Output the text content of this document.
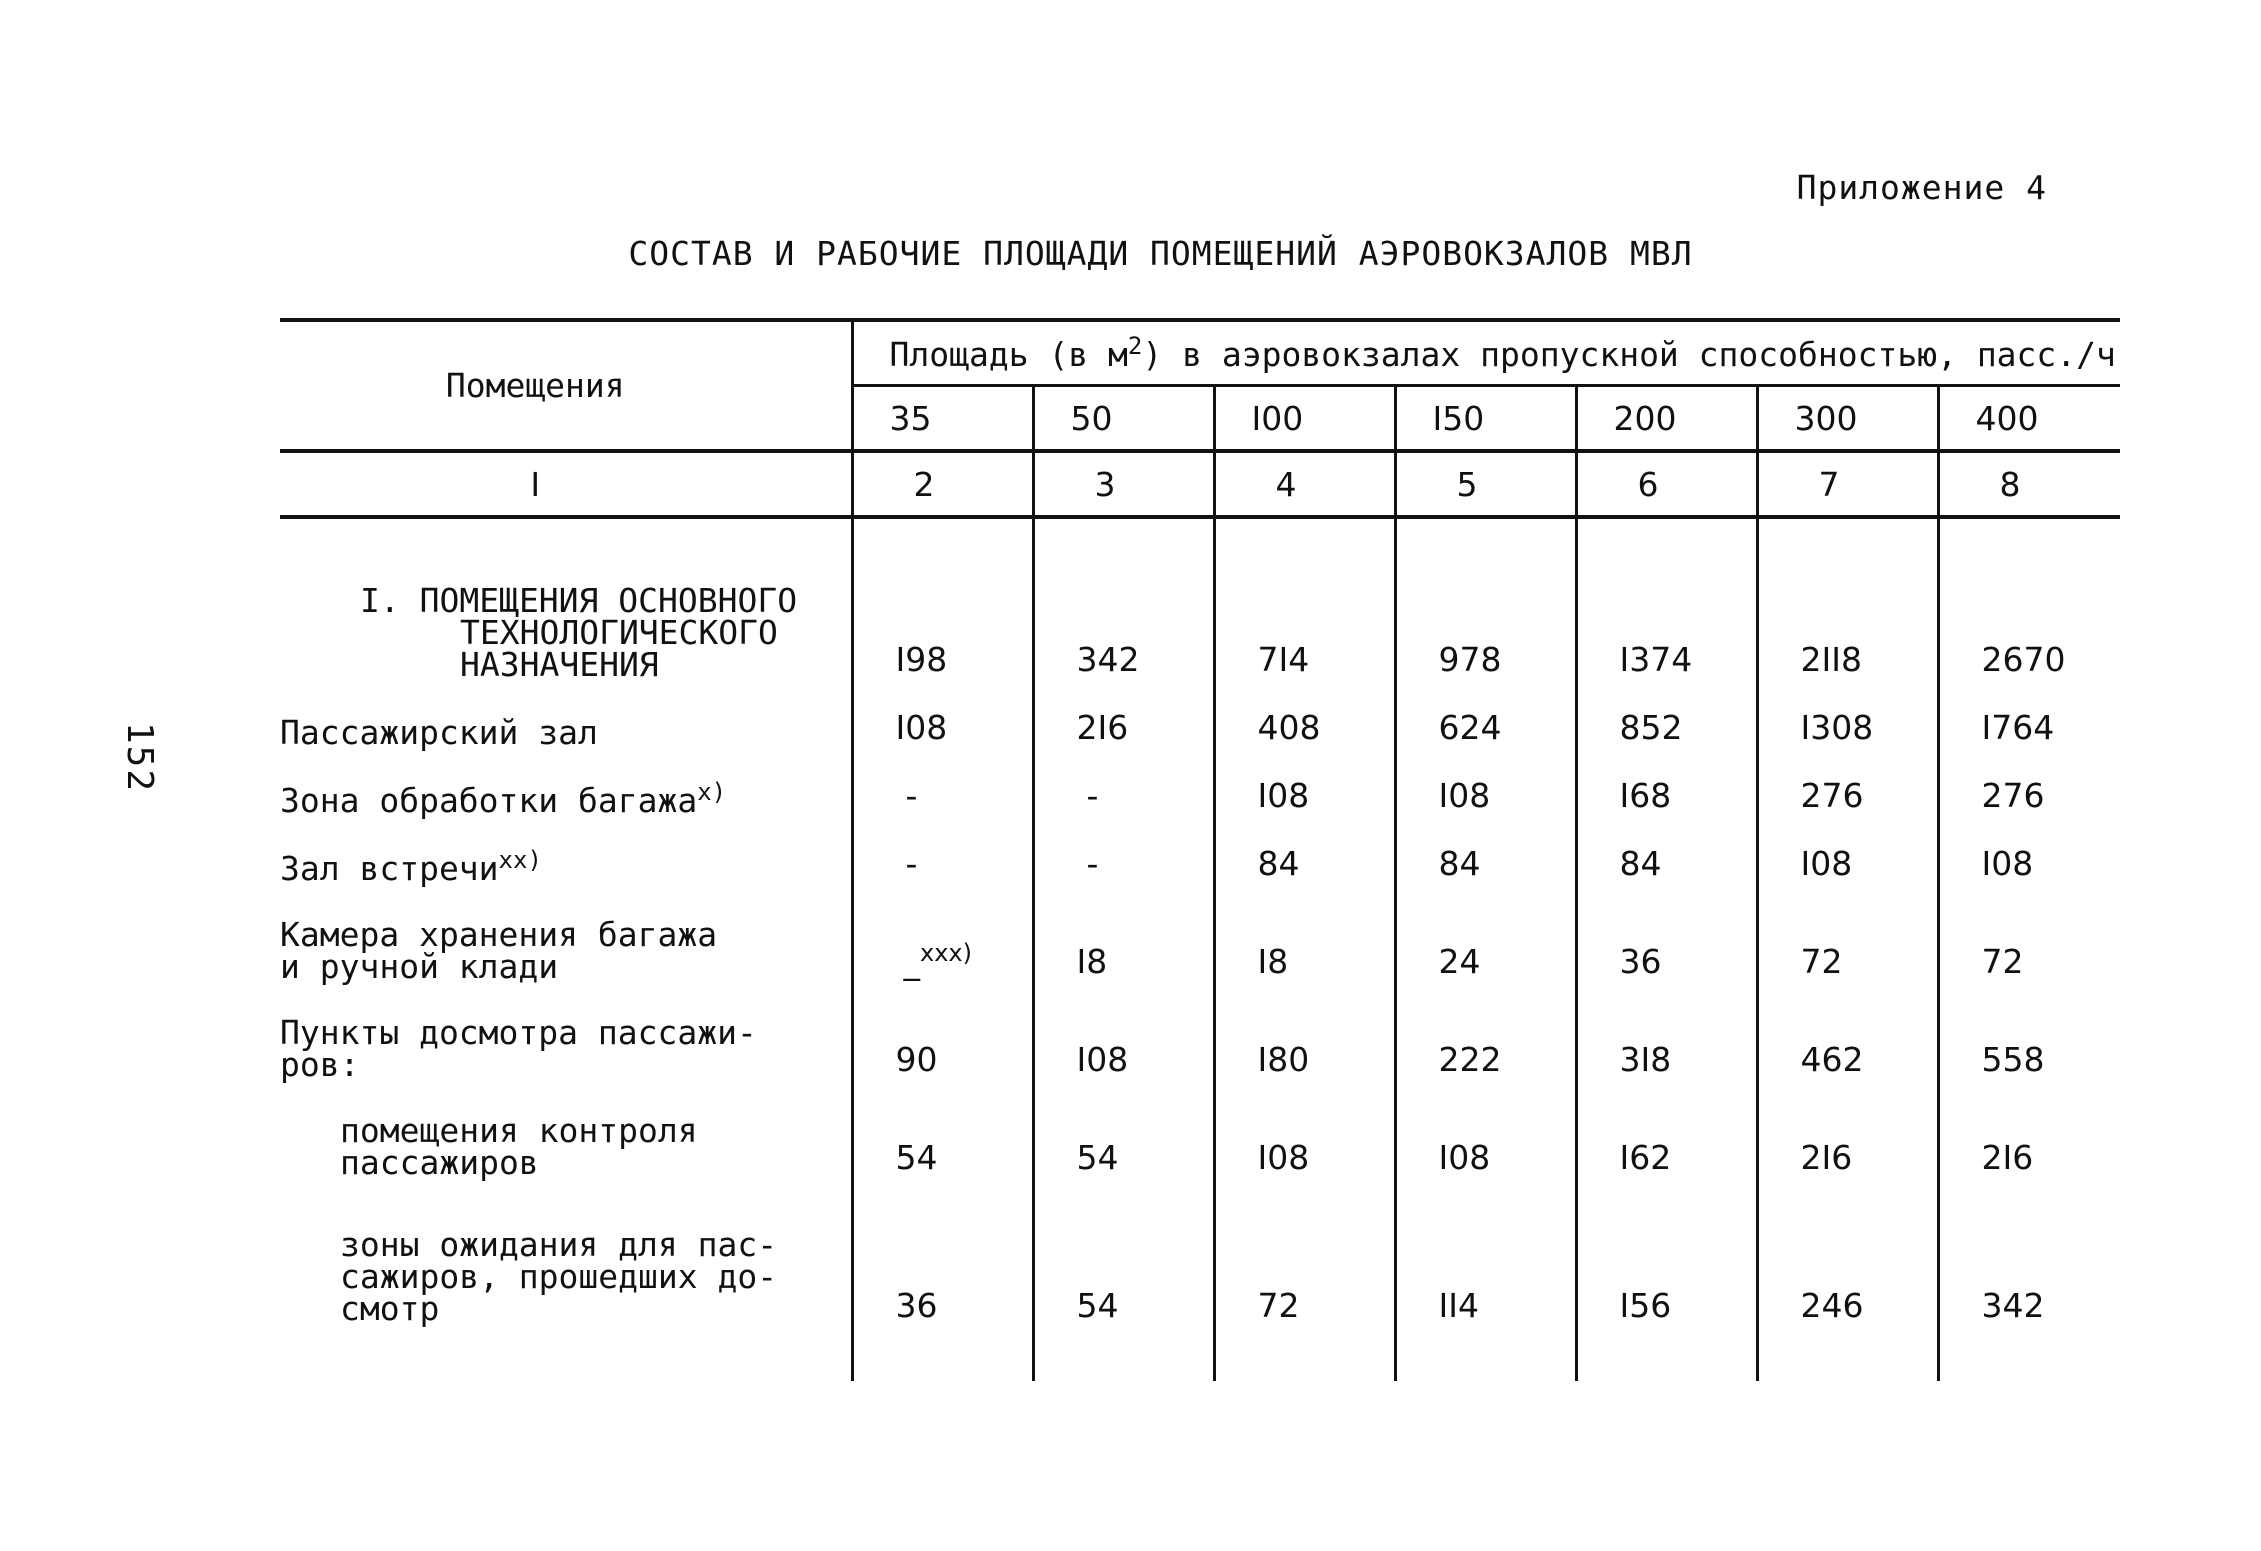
Приложение 4
СОСТАВ И РАБОЧИЕ ПЛОЩАДИ ПОМЕЩЕНИЙ АЭРОВОКЗАЛОВ МВЛ
152
Помещения	Площадь (в $м^2$) в аэровокзалах пропускной способностью, пасс./ч						
	35	50	I00	I50	200	300	400
I	2	3	4	5	6	7	8
I. ПОМЕЩЕНИЯ ОСНОВНОГО
ТЕХНОЛОГИЧЕСКОГО
НАЗНАЧЕНИЯ	I98	342	7I4	978	I374	2II8	2670
Пассажирский зал	I08	2I6	408	624	852	I308	I764
Зона обработки багажа$^{x)}$	-	-	I08	I08	I68	276	276
Зал встречи$^{xx)}$	-	-	84	84	84	I08	I08
Камера хранения багажа
и ручной клади	_$^{xxx)}$	I8	I8	24	36	72	72
Пункты досмотра пассажи-
ров:	90	I08	I80	222	3I8	462	558
помещения контроля
пассажиров	54	54	I08	I08	I62	2I6	2I6
зоны ожидания для пас-
сажиров, прошедших до-
смотр	36	54	72	II4	I56	246	342
